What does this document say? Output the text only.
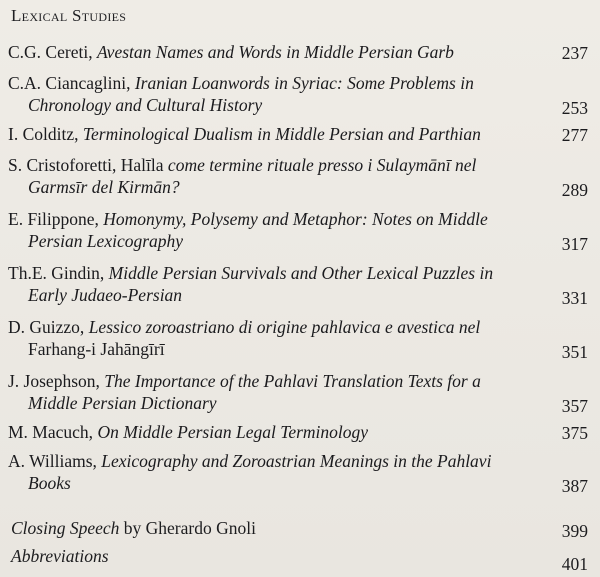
Lexical Studies
C.G. Cereti, Avestan Names and Words in Middle Persian Garb	237
C.A. Ciancaglini, Iranian Loanwords in Syriac: Some Problems in
Chronology and Cultural History	253
I. Colditz, Terminological Dualism in Middle Persian and Parthian	277
S. Cristoforetti, Halīla come termine rituale presso i Sulaymānī nel
Garmsīr del Kirmān?	289
E. Filippone, Homonymy, Polysemy and Metaphor: Notes on Middle
Persian Lexicography	317
Th.E. Gindin, Middle Persian Survivals and Other Lexical Puzzles in
Early Judaeo-Persian	331
D. Guizzo, Lessico zoroastriano di origine pahlavica e avestica nel
Farhang-i Jahāngīrī	351
J. Josephson, The Importance of the Pahlavi Translation Texts for a
Middle Persian Dictionary	357
M. Macuch, On Middle Persian Legal Terminology	375
A. Williams, Lexicography and Zoroastrian Meanings in the Pahlavi
Books	387
Closing Speech by Gherardo Gnoli	399
Abbreviations	401
